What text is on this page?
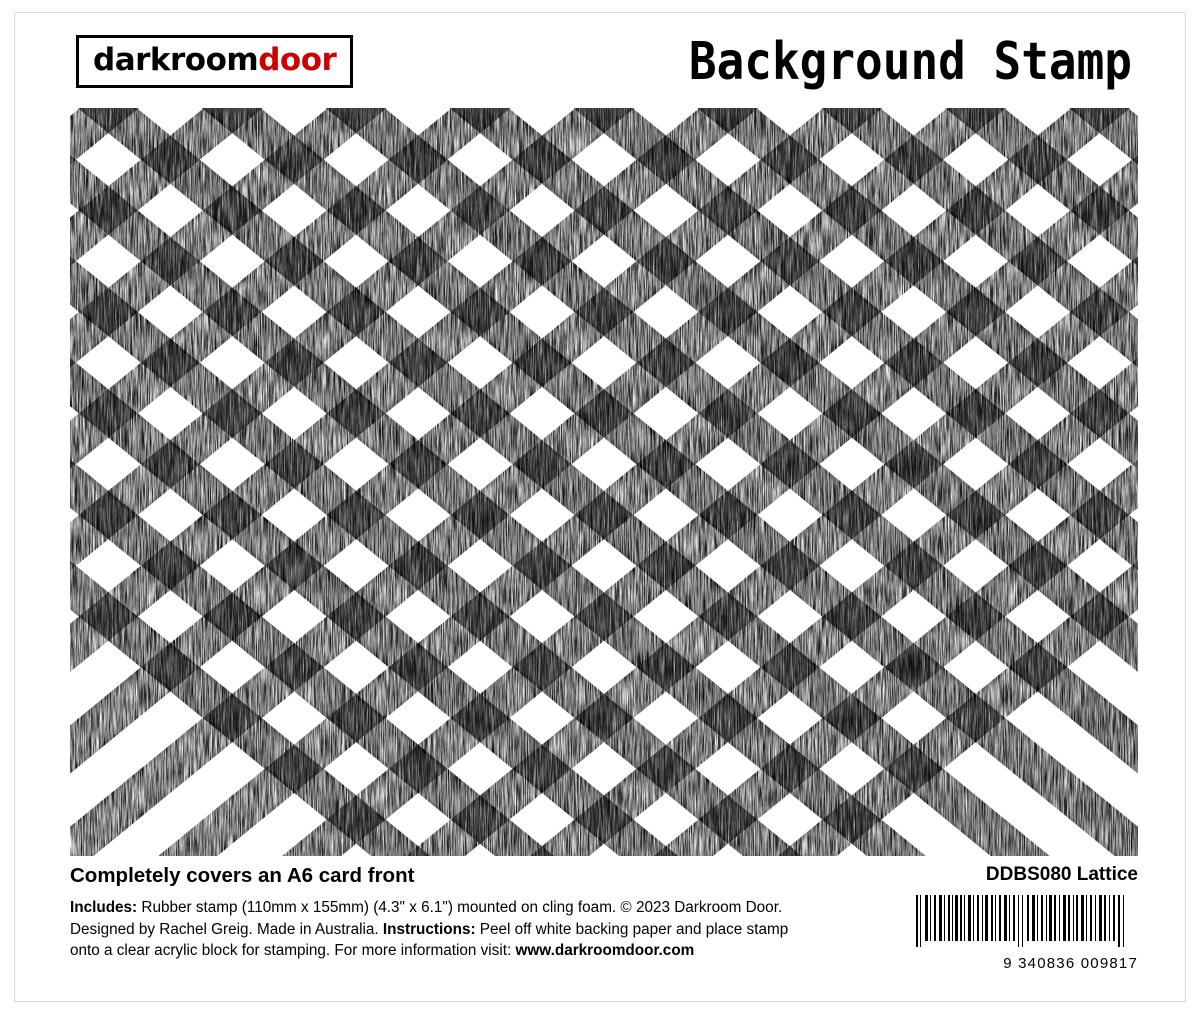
darkroomdoor	Background Stamp
Completely covers an A6 card front
Includes: Rubber stamp (110mm x 155mm) (4.3" x 6.1") mounted on cling foam. © 2023 Darkroom Door. Designed by Rachel Greig. Made in Australia. Instructions: Peel off white backing paper and place stamp onto a clear acrylic block for stamping. For more information visit: www.darkroomdoor.com
DDBS080 Lattice
9 340836 009817
